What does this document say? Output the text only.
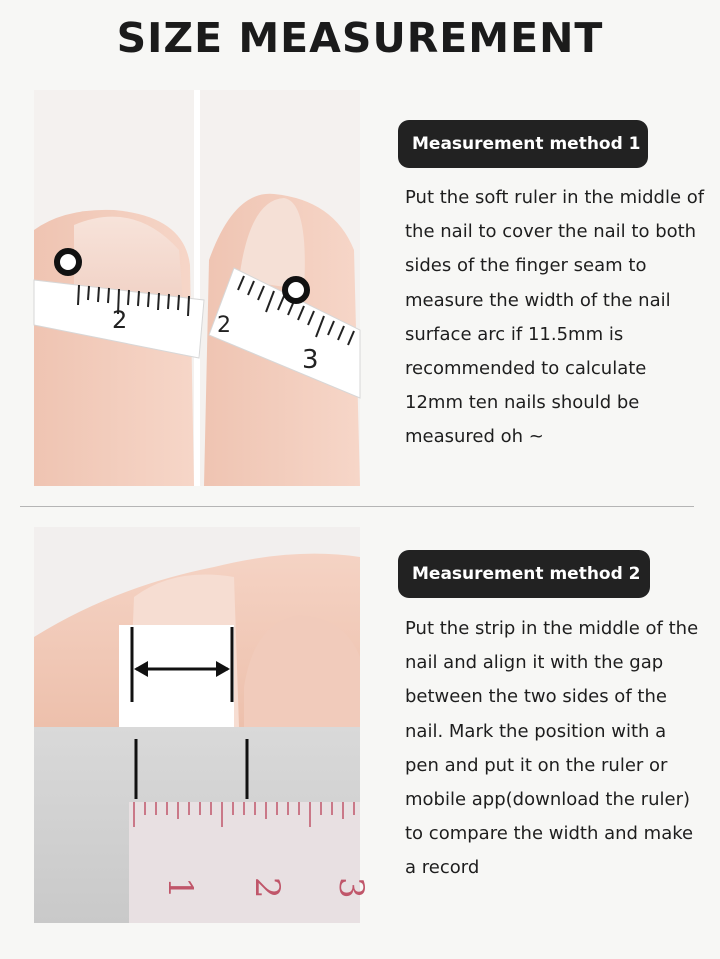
SIZE MEASUREMENT
2	2
3
Measurement method 1
Put the soft ruler in the middle of the nail to cover the nail to both sides of the finger seam to measure the width of the nail surface arc if 11.5mm is recommended to calculate 12mm ten nails should be measured oh ~
1 2 3
Measurement method 2
Put the strip in the middle of the nail and align it with the gap between the two sides of the nail. Mark the position with a pen and put it on the ruler or mobile app(download the ruler) to compare the width and make a record
